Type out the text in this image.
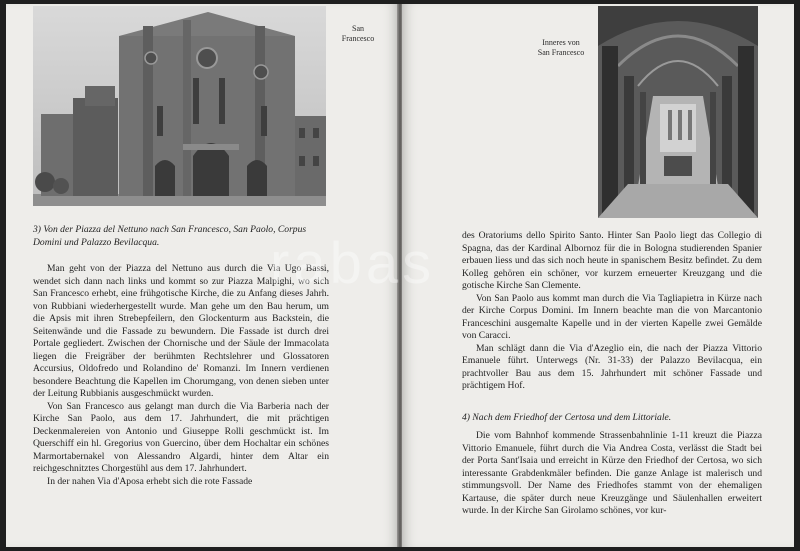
San
Francesco
3) Von der Piazza del Nettuno nach San Francesco, San Paolo, Corpus Domini und Palazzo Bevilacqua.

Man geht von der Piazza del Nettuno aus durch die Via Ugo Bassi, wendet sich dann nach links und kommt so zur Piazza Malpighi, wo sich San Francesco erhebt, eine frühgotische Kirche, die zu Anfang dieses Jahrh. von Rubbiani wiederhergestellt wurde. Man gehe um den Bau herum, um die Apsis mit ihren Strebepfeilern, den Glockenturm aus Backstein, die Seitenwände und die Fassade zu bewundern. Die Fassade ist durch drei Portale gegliedert. Zwischen der Chornische und der Säule der Immacolata liegen die Freigräber der berühmten Rechtslehrer und Glossatoren Accursius, Oldofredo und Rolandino de' Romanzi. Im Innern verdienen besondere Beachtung die Kapellen im Chorumgang, von denen sieben unter der Leitung Rubbianis ausgeschmückt wurden.

Von San Francesco aus gelangt man durch die Via Barberia nach der Kirche San Paolo, aus dem 17. Jahrhundert, die mit prächtigen Deckenmalereien von Antonio und Giuseppe Rolli geschmückt ist. Im Querschiff ein hl. Gregorius von Guercino, über dem Hochaltar ein schönes Marmortabernakel von Alessandro Algardi, hinter dem Altar ein reichgeschnitztes Chorgestühl aus dem 17. Jahrhundert.

In der nahen Via d'Aposa erhebt sich die rote Fassade

Inneres von
San Francesco

des Oratoriums dello Spirito Santo. Hinter San Paolo liegt das Collegio di Spagna, das der Kardinal Albornoz für die in Bologna studierenden Spanier erbauen liess und das sich noch heute in spanischem Besitz befindet. Zu dem Kolleg gehören ein schöner, vor kurzem erneuerter Kreuzgang und die gotische Kirche San Clemente.

Von San Paolo aus kommt man durch die Via Tagliapietra in Kürze nach der Kirche Corpus Domini. Im Innern beachte man die von Marcantonio Franceschini ausgemalte Kapelle und in der vierten Kapelle zwei Gemälde von Caracci.

Man schlägt dann die Via d'Azeglio ein, die nach der Piazza Vittorio Emanuele führt. Unterwegs (Nr. 31-33) der Palazzo Bevilacqua, ein prachtvoller Bau aus dem 15. Jahrhundert mit schöner Fassade und prächtigem Hof.

4) Nach dem Friedhof der Certosa und dem Littoriale.

Die vom Bahnhof kommende Strassenbahnlinie 1-11 kreuzt die Piazza Vittorio Emanuele, führt durch die Via Andrea Costa, verlässt die Stadt bei der Porta Sant'Isaia und erreicht in Kürze den Friedhof der Certosa, wo sich interessante Grabdenkmäler befinden. Die ganze Anlage ist malerisch und stimmungsvoll. Der Name des Friedhofes stammt von der ehemaligen Kartause, die später durch neue Kreuzgänge und Säulenhallen erweitert wurde. In der Kirche San Girolamo schönes, vor kur-

rabas
